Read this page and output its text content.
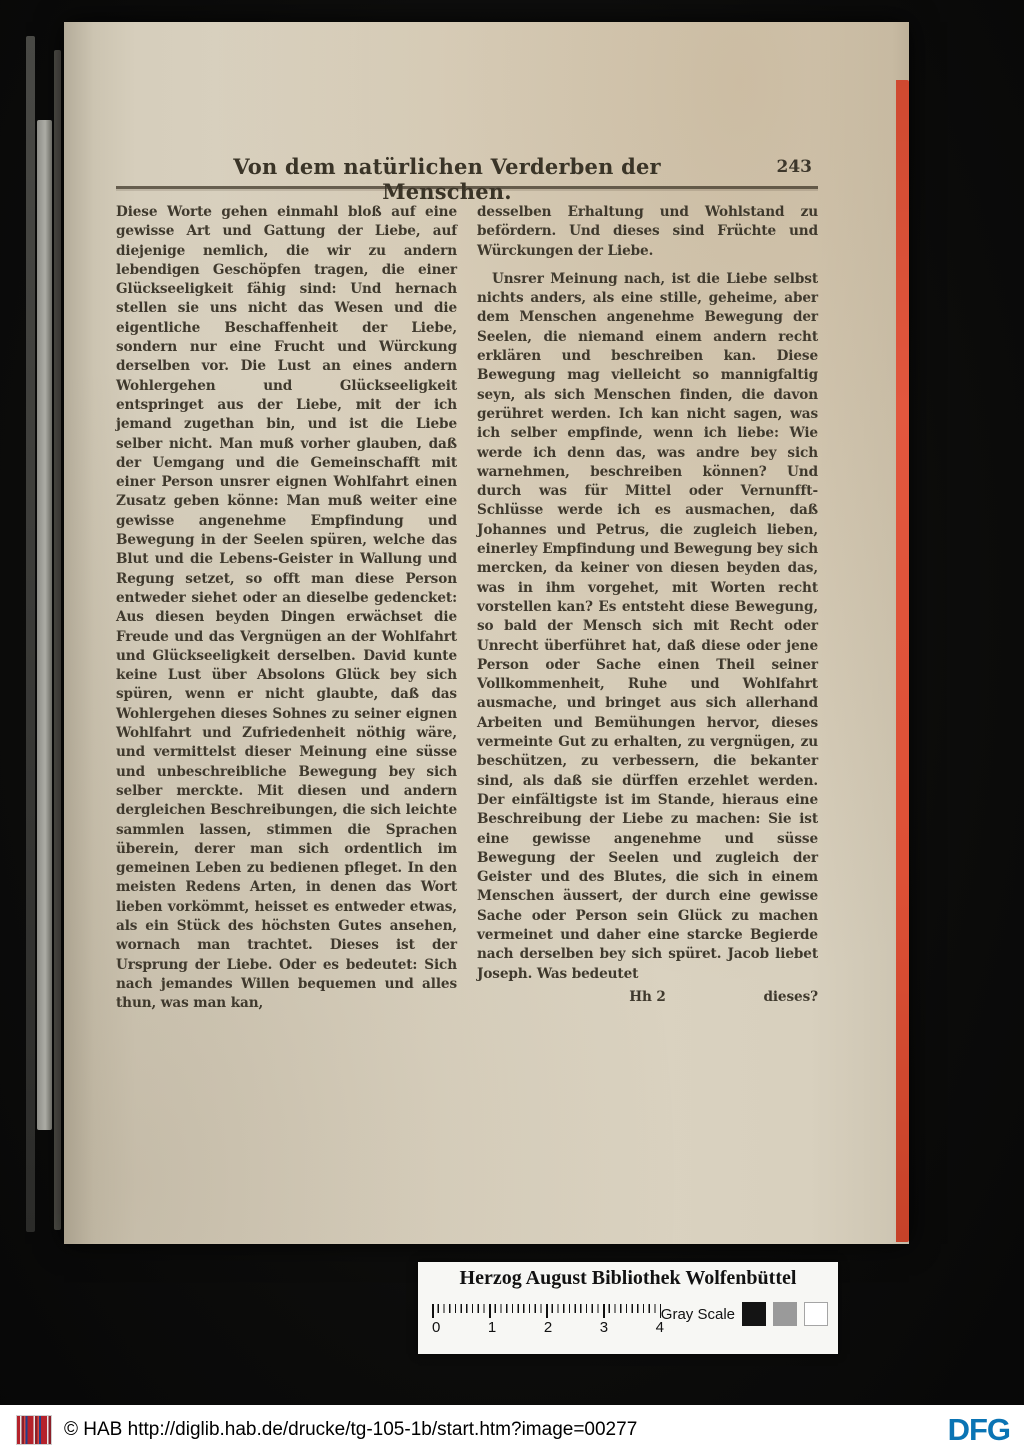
Von dem natürlichen Verderben der Menschen.
243

Diese Worte gehen einmahl bloß auf eine gewisse Art und Gattung der Liebe, auf diejenige nemlich, die wir zu andern lebendigen Geschöpfen tragen, die einer Glückseeligkeit fähig sind: Und hernach stellen sie uns nicht das Wesen und die eigentliche Beschaffenheit der Liebe, sondern nur eine Frucht und Würckung derselben vor. Die Lust an eines andern Wohlergehen und Glückseeligkeit entspringet aus der Liebe, mit der ich jemand zugethan bin, und ist die Liebe selber nicht. Man muß vorher glauben, daß der Uemgang und die Gemeinschafft mit einer Person unsrer eignen Wohlfahrt einen Zusatz geben könne: Man muß weiter eine gewisse angenehme Empfindung und Bewegung in der Seelen spüren, welche das Blut und die Lebens-Geister in Wallung und Regung setzet, so offt man diese Person entweder siehet oder an dieselbe gedencket: Aus diesen beyden Dingen erwächset die Freude und das Vergnügen an der Wohlfahrt und Glückseeligkeit derselben. David kunte keine Lust über Absolons Glück bey sich spüren, wenn er nicht glaubte, daß das Wohlergehen dieses Sohnes zu seiner eignen Wohlfahrt und Zufriedenheit nöthig wäre, und vermittelst dieser Meinung eine süsse und unbeschreibliche Bewegung bey sich selber merckte. Mit diesen und andern dergleichen Beschreibungen, die sich leichte sammlen lassen, stimmen die Sprachen überein, derer man sich ordentlich im gemeinen Leben zu bedienen pfleget. In den meisten Redens Arten, in denen das Wort lieben vorkömmt, heisset es entweder etwas, als ein Stück des höchsten Gutes ansehen, wornach man trachtet. Dieses ist der Ursprung der Liebe. Oder es bedeutet: Sich nach jemandes Willen bequemen und alles thun, was man kan,

desselben Erhaltung und Wohlstand zu befördern. Und dieses sind Früchte und Würckungen der Liebe.

Unsrer Meinung nach, ist die Liebe selbst nichts anders, als eine stille, geheime, aber dem Menschen angenehme Bewegung der Seelen, die niemand einem andern recht erklären und beschreiben kan. Diese Bewegung mag vielleicht so mannigfaltig seyn, als sich Menschen finden, die davon gerühret werden. Ich kan nicht sagen, was ich selber empfinde, wenn ich liebe: Wie werde ich denn das, was andre bey sich warnehmen, beschreiben können? Und durch was für Mittel oder Vernunfft-Schlüsse werde ich es ausmachen, daß Johannes und Petrus, die zugleich lieben, einerley Empfindung und Bewegung bey sich mercken, da keiner von diesen beyden das, was in ihm vorgehet, mit Worten recht vorstellen kan? Es entsteht diese Bewegung, so bald der Mensch sich mit Recht oder Unrecht überführet hat, daß diese oder jene Person oder Sache einen Theil seiner Vollkommenheit, Ruhe und Wohlfahrt ausmache, und bringet aus sich allerhand Arbeiten und Bemühungen hervor, dieses vermeinte Gut zu erhalten, zu vergnügen, zu beschützen, zu verbessern, die bekanter sind, als daß sie dürffen erzehlet werden. Der einfältigste ist im Stande, hieraus eine Beschreibung der Liebe zu machen: Sie ist eine gewisse angenehme und süsse Bewegung der Seelen und zugleich der Geister und des Blutes, die sich in einem Menschen äussert, der durch eine gewisse Sache oder Person sein Glück zu machen vermeinet und daher eine starcke Begierde nach derselben bey sich spüret. Jacob liebet Joseph. Was bedeutet

Hh 2	dieses?
Herzog August Bibliothek Wolfenbüttel
0	1	2	3	4
Gray Scale
© HAB http://diglib.hab.de/drucke/tg-105-1b/start.htm?image=00277	DFG
